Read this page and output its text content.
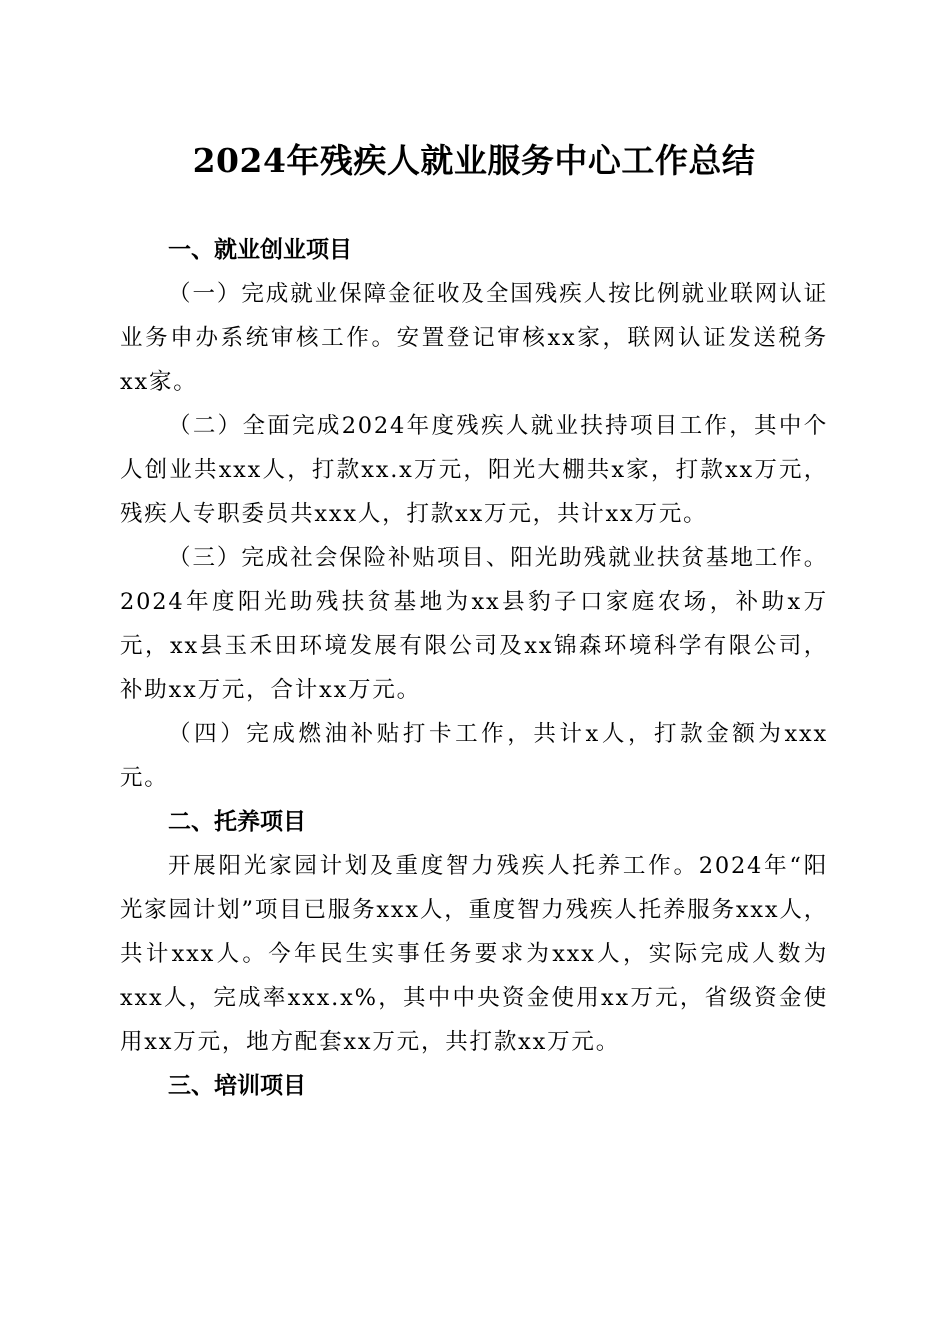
2024年残疾人就业服务中心工作总结
一、就业创业项目

（一）完成就业保障金征收及全国残疾人按比例就业联网认证业务申办系统审核工作。安置登记审核xx家，联网认证发送税务xx家。

（二）全面完成2024年度残疾人就业扶持项目工作，其中个人创业共xxx人，打款xx.x万元，阳光大棚共x家，打款xx万元，残疾人专职委员共xxx人，打款xx万元，共计xx万元。

（三）完成社会保险补贴项目、阳光助残就业扶贫基地工作。2024年度阳光助残扶贫基地为xx县豹子口家庭农场，补助x万元，xx县玉禾田环境发展有限公司及xx锦森环境科学有限公司，补助xx万元，合计xx万元。

（四）完成燃油补贴打卡工作，共计x人，打款金额为xxx元。

二、托养项目

开展阳光家园计划及重度智力残疾人托养工作。2024年“阳光家园计划”项目已服务xxx人，重度智力残疾人托养服务xxx人，共计xxx人。今年民生实事任务要求为xxx人，实际完成人数为xxx人，完成率xxx.x%，其中中央资金使用xx万元，省级资金使用xx万元，地方配套xx万元，共打款xx万元。

三、培训项目
